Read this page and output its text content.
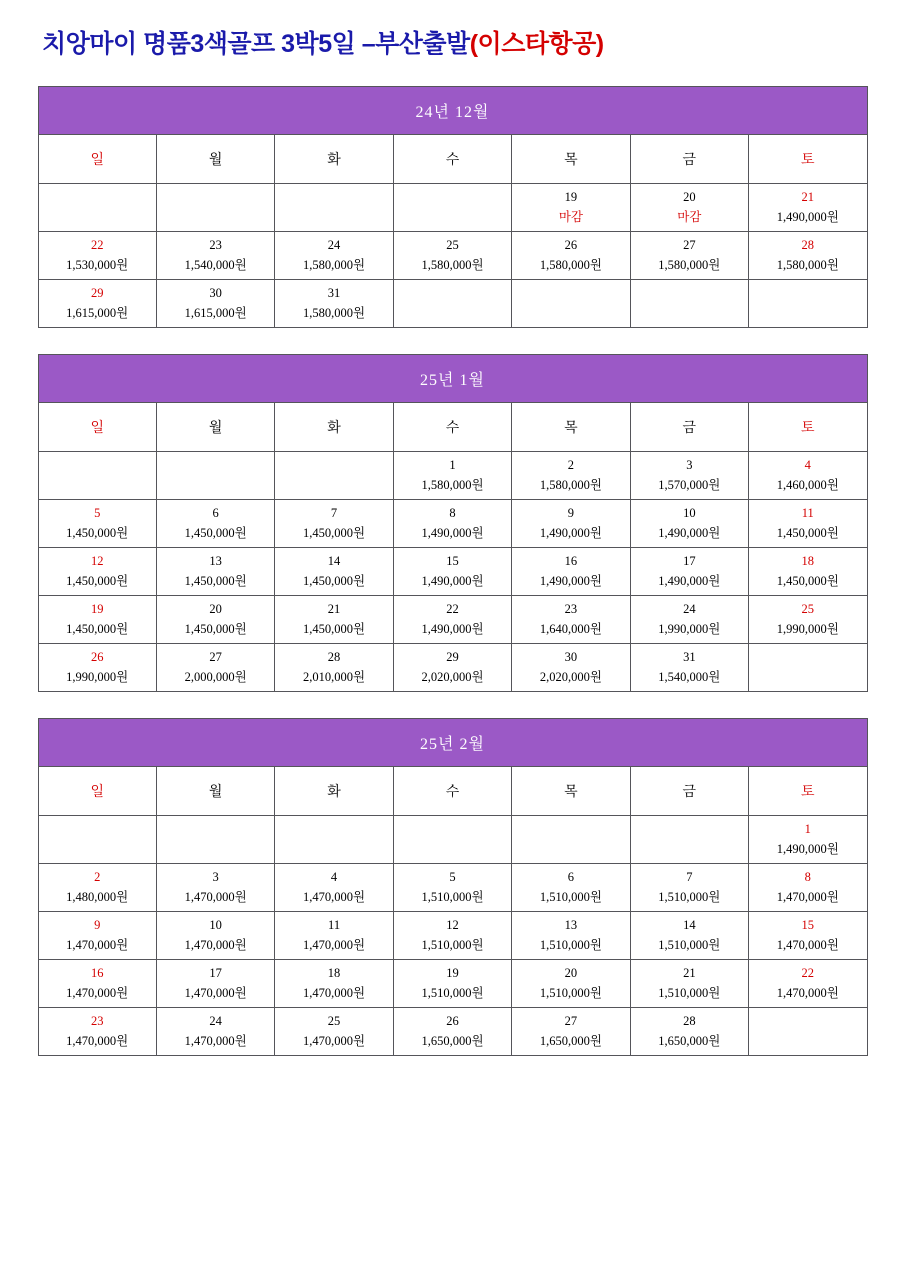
치앙마이 명품3색골프 3박5일 –부산출발(이스타항공)
24년 12월						
일	월	화	수	목	금	토

				19
마감	20
마감	21
1,490,000원

22
1,530,000원	23
1,540,000원	24
1,580,000원	25
1,580,000원	26
1,580,000원	27
1,580,000원	28
1,580,000원

29
1,615,000원	30
1,615,000원	31
1,580,000원				

25년 1월						
일	월	화	수	목	금	토

			1
1,580,000원	2
1,580,000원	3
1,570,000원	4
1,460,000원

5
1,450,000원	6
1,450,000원	7
1,450,000원	8
1,490,000원	9
1,490,000원	10
1,490,000원	11
1,450,000원

12
1,450,000원	13
1,450,000원	14
1,450,000원	15
1,490,000원	16
1,490,000원	17
1,490,000원	18
1,450,000원

19
1,450,000원	20
1,450,000원	21
1,450,000원	22
1,490,000원	23
1,640,000원	24
1,990,000원	25
1,990,000원

26
1,990,000원	27
2,000,000원	28
2,010,000원	29
2,020,000원	30
2,020,000원	31
1,540,000원	

25년 2월						
일	월	화	수	목	금	토

						1
1,490,000원

2
1,480,000원	3
1,470,000원	4
1,470,000원	5
1,510,000원	6
1,510,000원	7
1,510,000원	8
1,470,000원

9
1,470,000원	10
1,470,000원	11
1,470,000원	12
1,510,000원	13
1,510,000원	14
1,510,000원	15
1,470,000원

16
1,470,000원	17
1,470,000원	18
1,470,000원	19
1,510,000원	20
1,510,000원	21
1,510,000원	22
1,470,000원

23
1,470,000원	24
1,470,000원	25
1,470,000원	26
1,650,000원	27
1,650,000원	28
1,650,000원	
